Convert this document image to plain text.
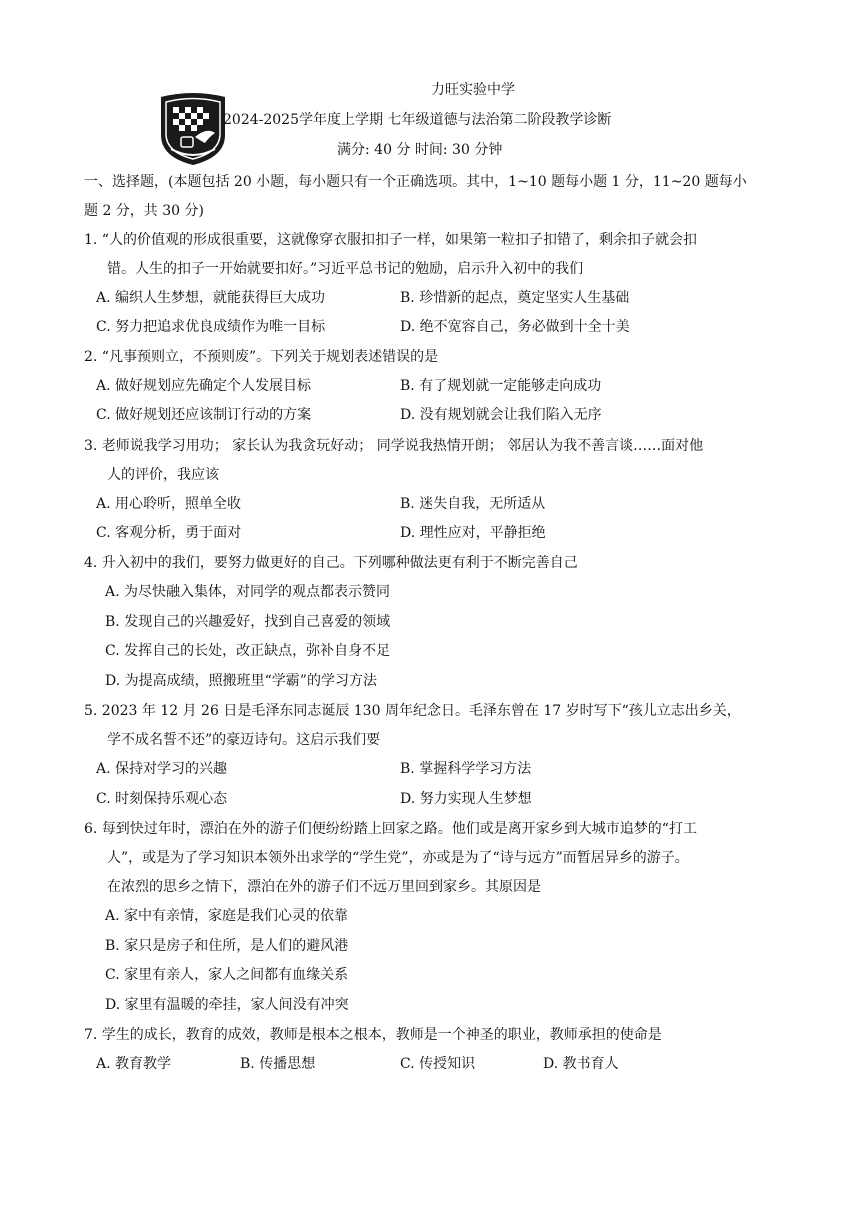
力旺实验中学
2024-2025学年度上学期 七年级道德与法治第二阶段教学诊断
满分: 40 分 时间: 30 分钟
一、选择题，(本题包括 20 小题，每小题只有一个正确选项。其中，1~10 题每小题 1 分，11~20 题每小
题 2 分，共 30 分)
1. “人的价值观的形成很重要，这就像穿衣服扣扣子一样，如果第一粒扣子扣错了，剩余扣子就会扣
错。人生的扣子一开始就要扣好。”习近平总书记的勉励，启示升入初中的我们
A. 编织人生梦想，就能获得巨大成功	B. 珍惜新的起点，奠定坚实人生基础
C. 努力把追求优良成绩作为唯一目标	D. 绝不宽容自己，务必做到十全十美
2. “凡事预则立，不预则废”。下列关于规划表述错误的是
A. 做好规划应先确定个人发展目标	B. 有了规划就一定能够走向成功
C. 做好规划还应该制订行动的方案	D. 没有规划就会让我们陷入无序
3. 老师说我学习用功； 家长认为我贪玩好动； 同学说我热情开朗； 邻居认为我不善言谈……面对他
人的评价，我应该
A. 用心聆听，照单全收	B. 迷失自我，无所适从
C. 客观分析，勇于面对	D. 理性应对，平静拒绝
4. 升入初中的我们，要努力做更好的自己。下列哪种做法更有利于不断完善自己
A. 为尽快融入集体，对同学的观点都表示赞同
B. 发现自己的兴趣爱好，找到自己喜爱的领域
C. 发挥自己的长处，改正缺点，弥补自身不足
D. 为提高成绩，照搬班里“学霸”的学习方法
5. 2023 年 12 月 26 日是毛泽东同志诞辰 130 周年纪念日。毛泽东曾在 17 岁时写下“孩儿立志出乡关，
学不成名誓不还”的豪迈诗句。这启示我们要
A. 保持对学习的兴趣	B. 掌握科学学习方法
C. 时刻保持乐观心态	D. 努力实现人生梦想
6. 每到快过年时，漂泊在外的游子们便纷纷踏上回家之路。他们或是离开家乡到大城市追梦的“打工
人”，或是为了学习知识本领外出求学的“学生党”，亦或是为了“诗与远方”而暂居异乡的游子。
在浓烈的思乡之情下，漂泊在外的游子们不远万里回到家乡。其原因是
A. 家中有亲情，家庭是我们心灵的依靠
B. 家只是房子和住所，是人们的避风港
C. 家里有亲人，家人之间都有血缘关系
D. 家里有温暖的牵挂，家人间没有冲突
7. 学生的成长，教育的成效，教师是根本之根本，教师是一个神圣的职业，教师承担的使命是
A. 教育教学	B. 传播思想	C. 传授知识	D. 教书育人
